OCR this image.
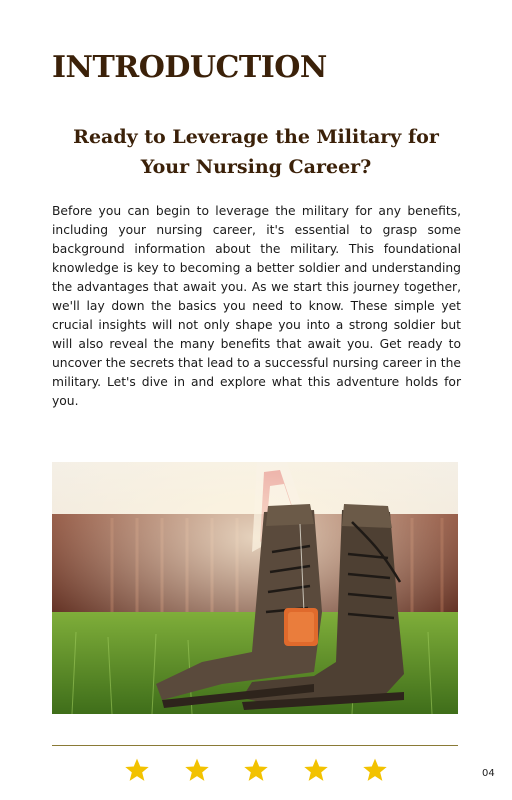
INTRODUCTION
Ready to Leverage the Military for
Your Nursing Career?

Before you can begin to leverage the military for any benefits, including your nursing career, it's essential to grasp some background information about the military. This foundational knowledge is key to becoming a better soldier and understanding the advantages that await you. As we start this journey together, we'll lay down the basics you need to know. These simple yet crucial insights will not only shape you into a strong soldier but will also reveal the many benefits that await you. Get ready to uncover the secrets that lead to a successful nursing career in the military. Let's dive in and explore what this adventure holds for you.

04
